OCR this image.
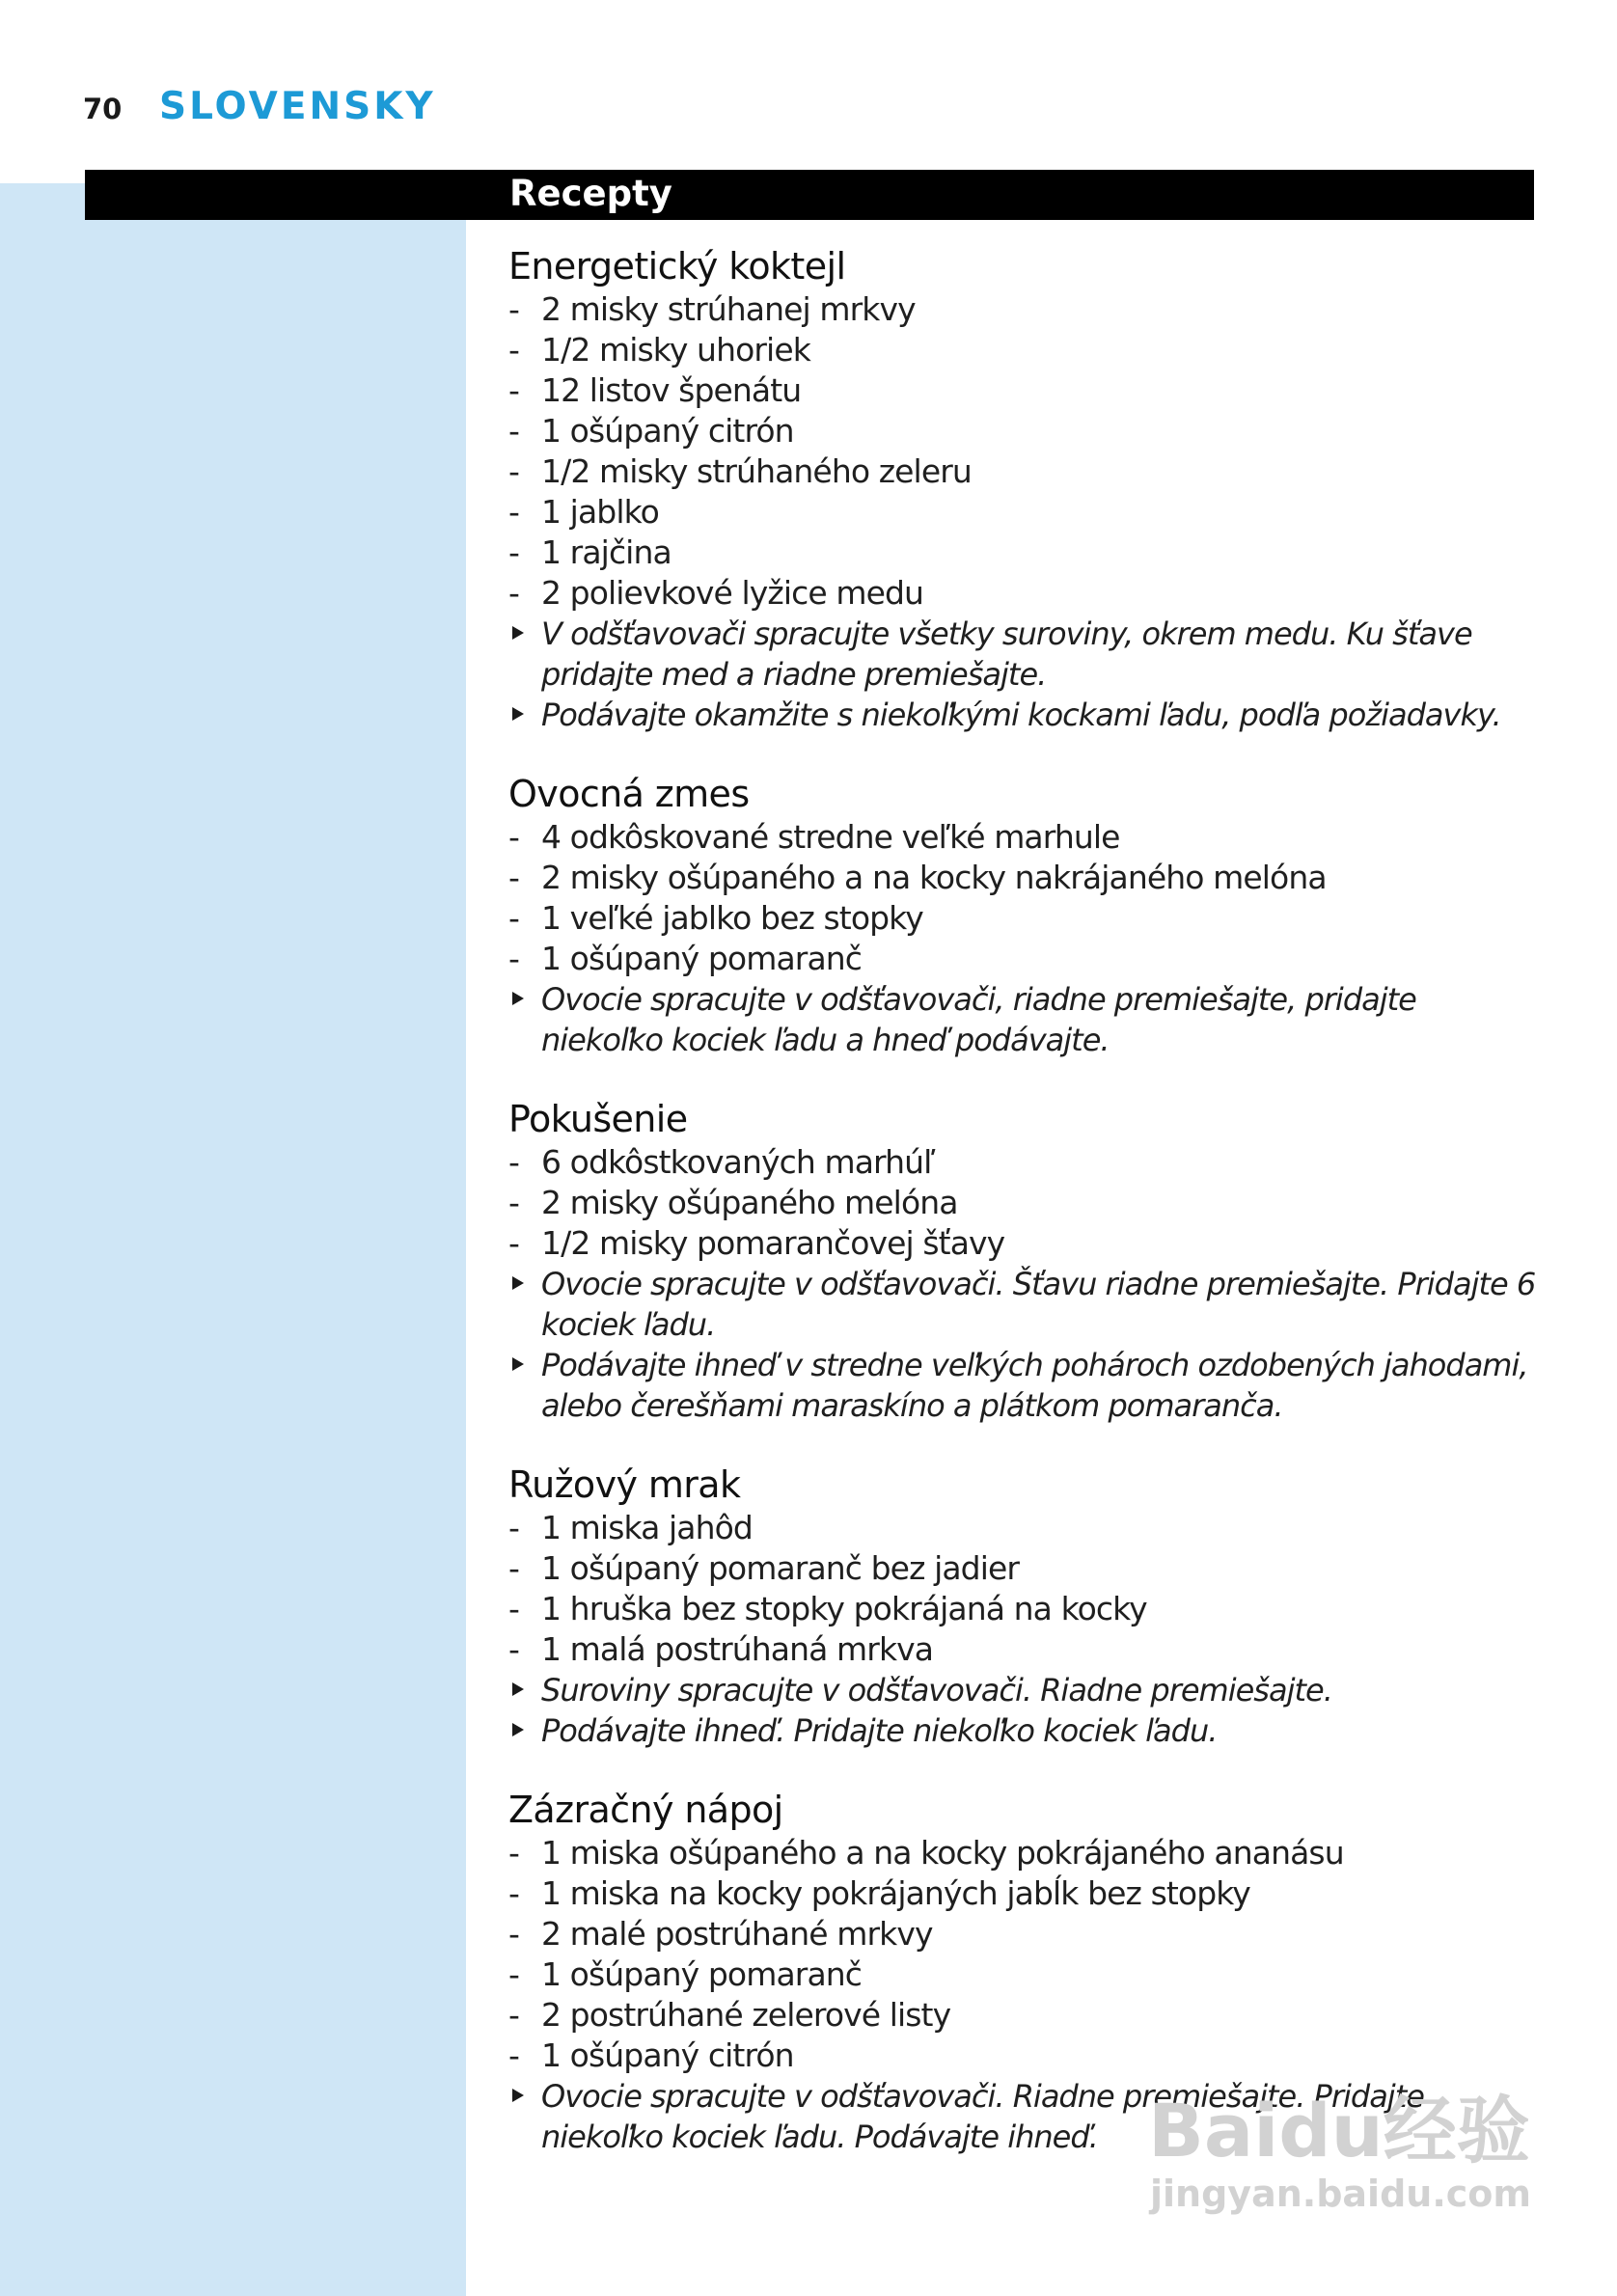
70 SLOVENSKY
Recepty
Energetický koktejl
- 2 misky strúhanej mrkvy
- 1/2 misky uhoriek
- 12 listov špenátu
- 1 ošúpaný citrón
- 1/2 misky strúhaného zeleru
- 1 jablko
- 1 rajčina
- 2 polievkové lyžice medu
V odšťavovači spracujte všetky suroviny, okrem medu. Ku šťave pridajte med a riadne premiešajte.
Podávajte okamžite s niekoľkými kockami ľadu, podľa požiadavky.
Ovocná zmes
- 4 odkôskované stredne veľké marhule
- 2 misky ošúpaného a na kocky nakrájaného melóna
- 1 veľké jablko bez stopky
- 1 ošúpaný pomaranč
Ovocie spracujte v odšťavovači, riadne premiešajte, pridajte niekoľko kociek ľadu a hneď podávajte.
Pokušenie
- 6 odkôstkovaných marhúľ
- 2 misky ošúpaného melóna
- 1/2 misky pomarančovej šťavy
Ovocie spracujte v odšťavovači. Šťavu riadne premiešajte. Pridajte 6 kociek ľadu.
Podávajte ihneď v stredne veľkých pohároch ozdobených jahodami, alebo čerešňami maraskíno a plátkom pomaranča.
Ružový mrak
- 1 miska jahôd
- 1 ošúpaný pomaranč bez jadier
- 1 hruška bez stopky pokrájaná na kocky
- 1 malá postrúhaná mrkva
Suroviny spracujte v odšťavovači. Riadne premiešajte.
Podávajte ihneď. Pridajte niekoľko kociek ľadu.
Zázračný nápoj
- 1 miska ošúpaného a na kocky pokrájaného ananásu
- 1 miska na kocky pokrájaných jabĺk bez stopky
- 2 malé postrúhané mrkvy
- 1 ošúpaný pomaranč
- 2 postrúhané zelerové listy
- 1 ošúpaný citrón
Ovocie spracujte v odšťavovači. Riadne premiešajte. Pridajte niekoľko kociek ľadu. Podávajte ihneď. Baidu经验
jingyan.baidu.com
